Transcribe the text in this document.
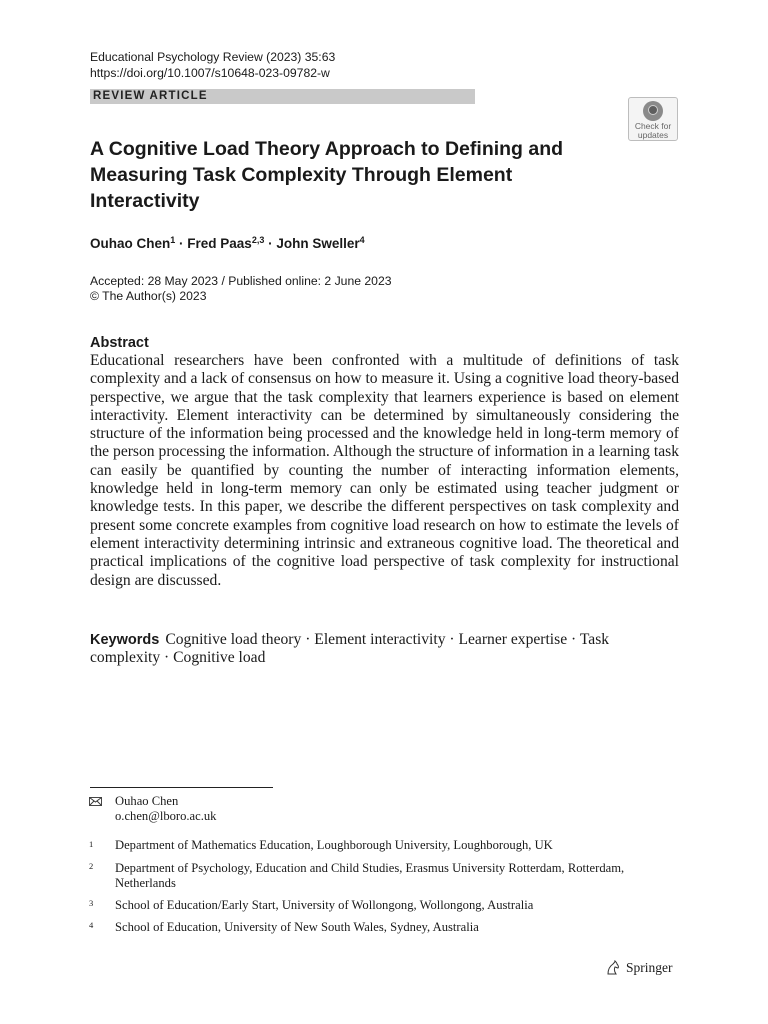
Educational Psychology Review (2023) 35:63
https://doi.org/10.1007/s10648-023-09782-w
REVIEW ARTICLE
Check for
updates
A Cognitive Load Theory Approach to Defining and Measuring Task Complexity Through Element Interactivity
Ouhao Chen$^1$ · Fred Paas$^{2,3}$ · John Sweller$^4$
Accepted: 28 May 2023 / Published online: 2 June 2023
© The Author(s) 2023
Abstract
Educational researchers have been confronted with a multitude of definitions of task complexity and a lack of consensus on how to measure it. Using a cognitive load theory-based perspective, we argue that the task complexity that learners experience is based on element interactivity. Element interactivity can be determined by simultaneously considering the structure of the information being processed and the knowledge held in long-term memory of the person processing the information. Although the structure of information in a learning task can easily be quantified by counting the number of interacting information elements, knowledge held in long-term memory can only be estimated using teacher judgment or knowledge tests. In this paper, we describe the different perspectives on task complexity and present some concrete examples from cognitive load research on how to estimate the levels of element interactivity determining intrinsic and extraneous cognitive load. The theoretical and practical implications of the cognitive load perspective of task complexity for instructional design are discussed.
Keywords Cognitive load theory · Element interactivity · Learner expertise · Task complexity · Cognitive load
Ouhao Chen
o.chen@lboro.ac.uk
1 Department of Mathematics Education, Loughborough University, Loughborough, UK
2 Department of Psychology, Education and Child Studies, Erasmus University Rotterdam, Rotterdam, Netherlands
3 School of Education/Early Start, University of Wollongong, Wollongong, Australia
4 School of Education, University of New South Wales, Sydney, Australia
Springer
